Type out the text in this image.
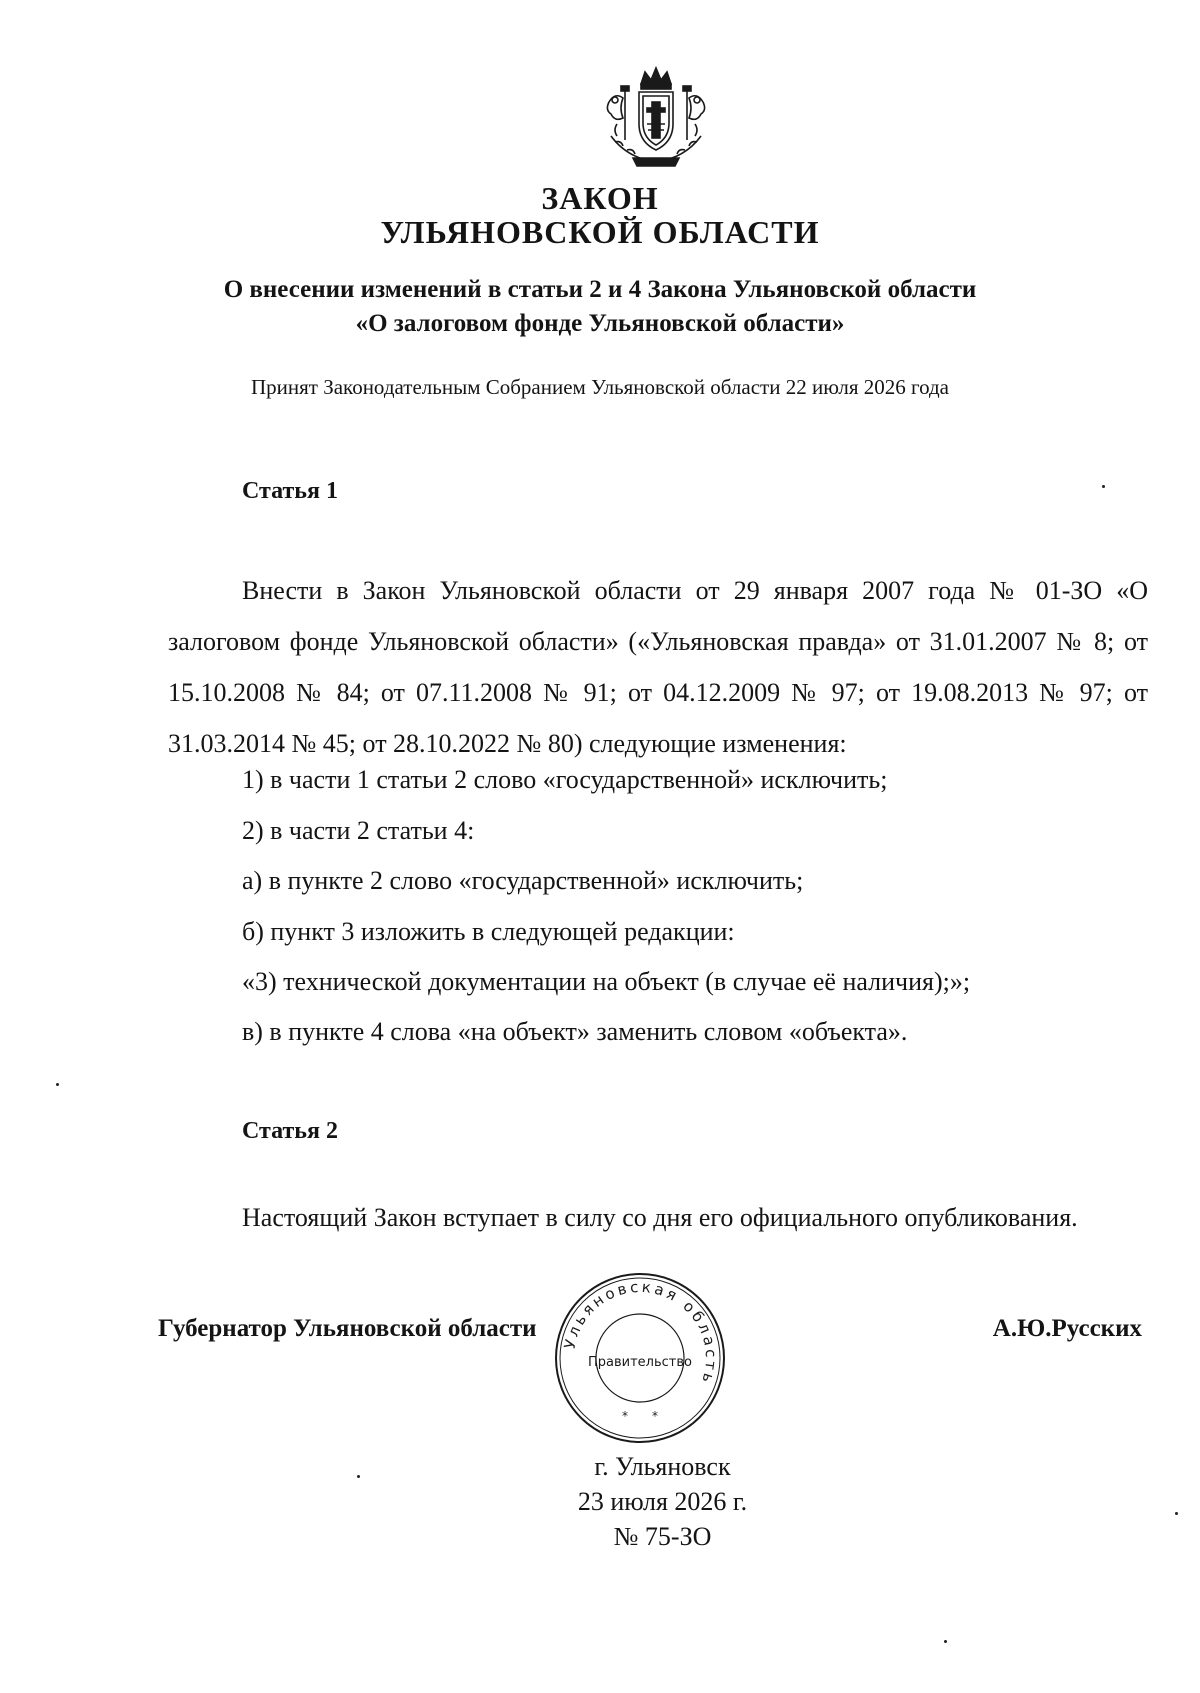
ЗАКОН
УЛЬЯНОВСКОЙ ОБЛАСТИ
О внесении изменений в статьи 2 и 4 Закона Ульяновской области
«О залоговом фонде Ульяновской области»
Принят Законодательным Собранием Ульяновской области 22 июля 2026 года
Статья 1
Внести в Закон Ульяновской области от 29 января 2007 года № 01-ЗО «О залоговом фонде Ульяновской области» («Ульяновская правда» от 31.01.2007 № 8; от 15.10.2008 № 84; от 07.11.2008 № 91; от 04.12.2009 № 97; от 19.08.2013 № 97; от 31.03.2014 № 45; от 28.10.2022 № 80) следующие изменения:
1) в части 1 статьи 2 слово «государственной» исключить;
2) в части 2 статьи 4:
а) в пункте 2 слово «государственной» исключить;
б) пункт 3 изложить в следующей редакции:
«3) технической документации на объект (в случае её наличия);»;
в) в пункте 4 слова «на объект» заменить словом «объекта».
Статья 2
Настоящий Закон вступает в силу со дня его официального опубликования.
Ульяновская область
Правительство
* *
Губернатор Ульяновской области	А.Ю.Русских
г. Ульяновск
23 июля 2026 г.
№ 75-ЗО
